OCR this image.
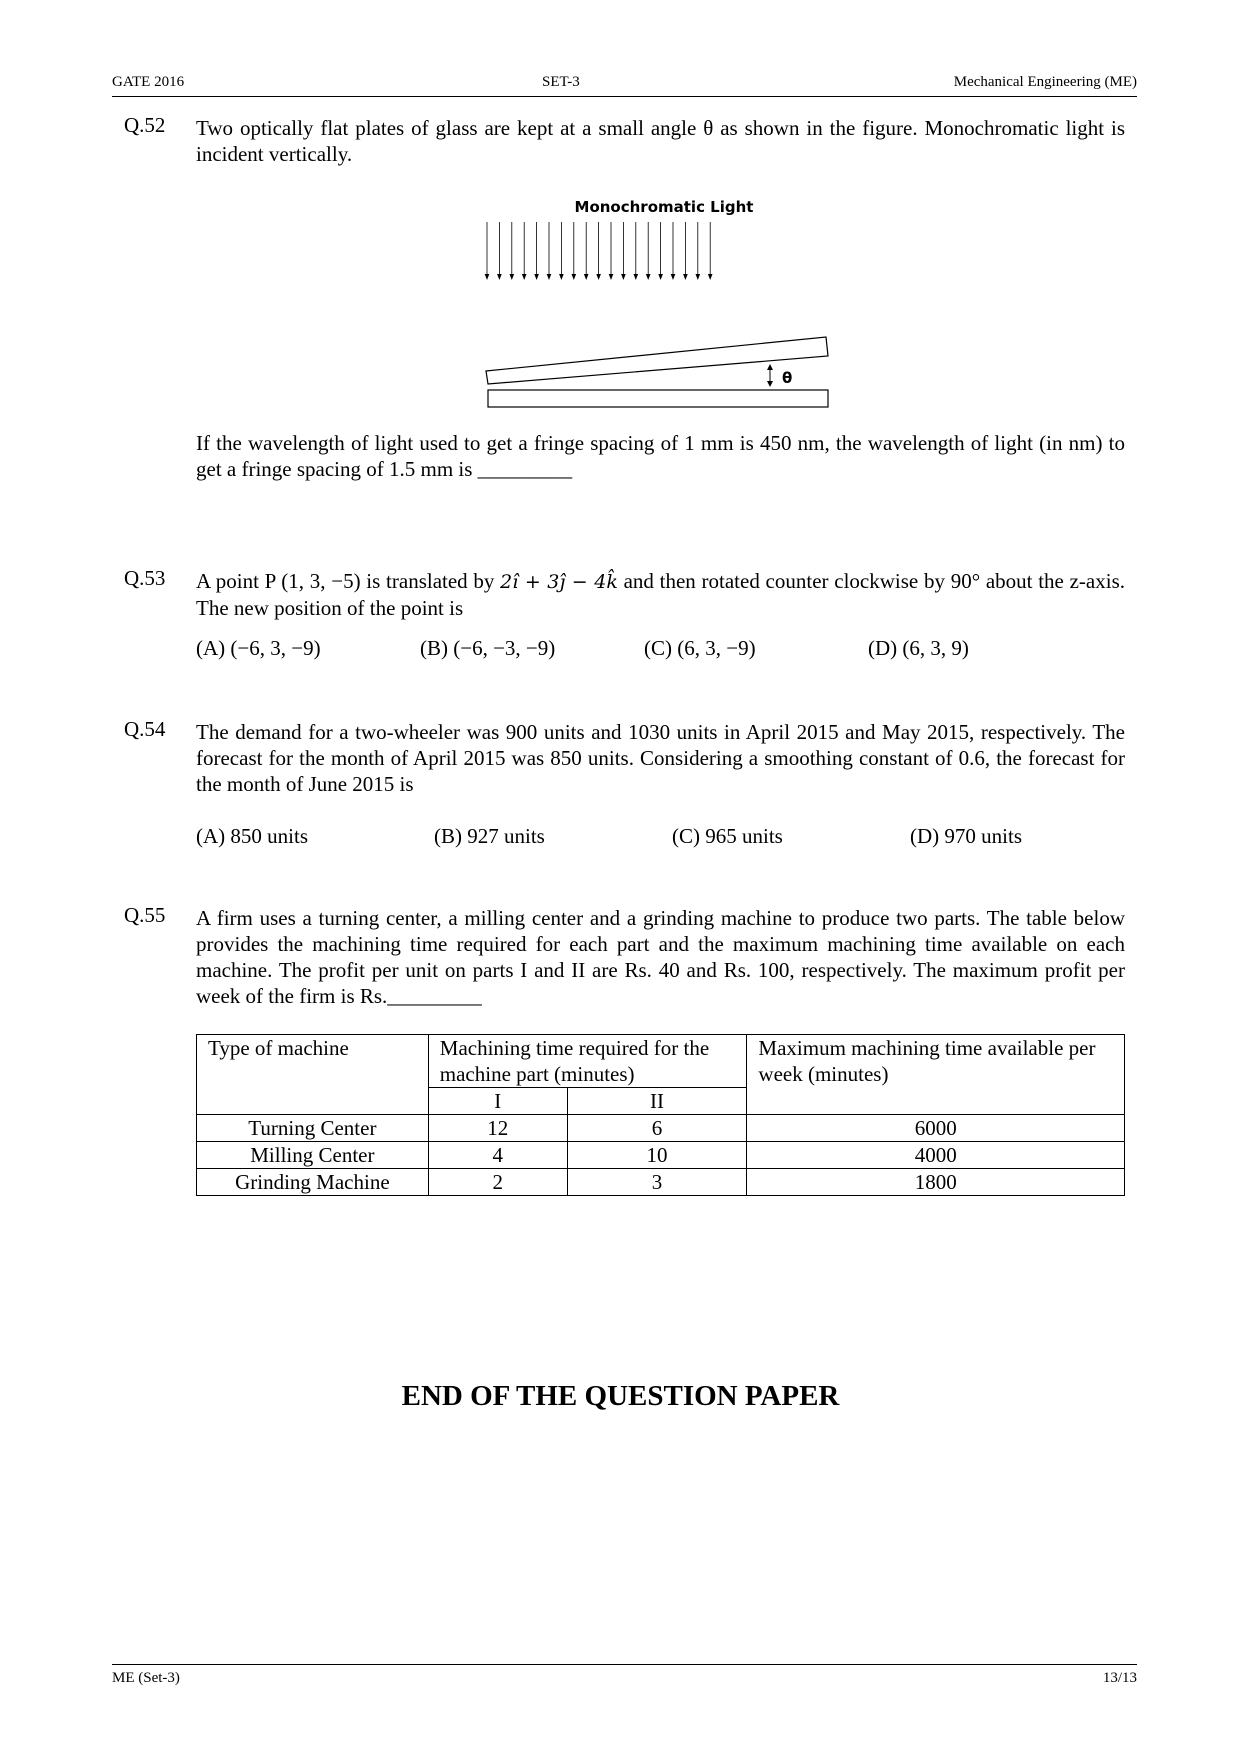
GATE 2016	SET-3	Mechanical Engineering (ME)
Q.52 Two optically flat plates of glass are kept at a small angle θ as shown in the figure. Monochromatic light is incident vertically.
Monochromatic Light
θ
If the wavelength of light used to get a fringe spacing of 1 mm is 450 nm, the wavelength of light (in nm) to get a fringe spacing of 1.5 mm is _________
Q.53 A point P (1, 3, −5) is translated by 2î + 3ĵ − 4k̂ and then rotated counter clockwise by 90° about the z-axis. The new position of the point is
(A) (−6, 3, −9)	(B) (−6, −3, −9)	(C) (6, 3, −9)	(D) (6, 3, 9)
Q.54 The demand for a two-wheeler was 900 units and 1030 units in April 2015 and May 2015, respectively. The forecast for the month of April 2015 was 850 units. Considering a smoothing constant of 0.6, the forecast for the month of June 2015 is
(A) 850 units	(B) 927 units	(C) 965 units	(D) 970 units
Q.55 A firm uses a turning center, a milling center and a grinding machine to produce two parts. The table below provides the machining time required for each part and the maximum machining time available on each machine. The profit per unit on parts I and II are Rs. 40 and Rs. 100, respectively. The maximum profit per week of the firm is Rs._________
Type of machine	Machining time required for the machine part (minutes)		Maximum machining time available per week (minutes)
	I	II	
Turning Center	12	6	6000
Milling Center	4	10	4000
Grinding Machine	2	3	1800
END OF THE QUESTION PAPER
ME (Set-3)	13/13
